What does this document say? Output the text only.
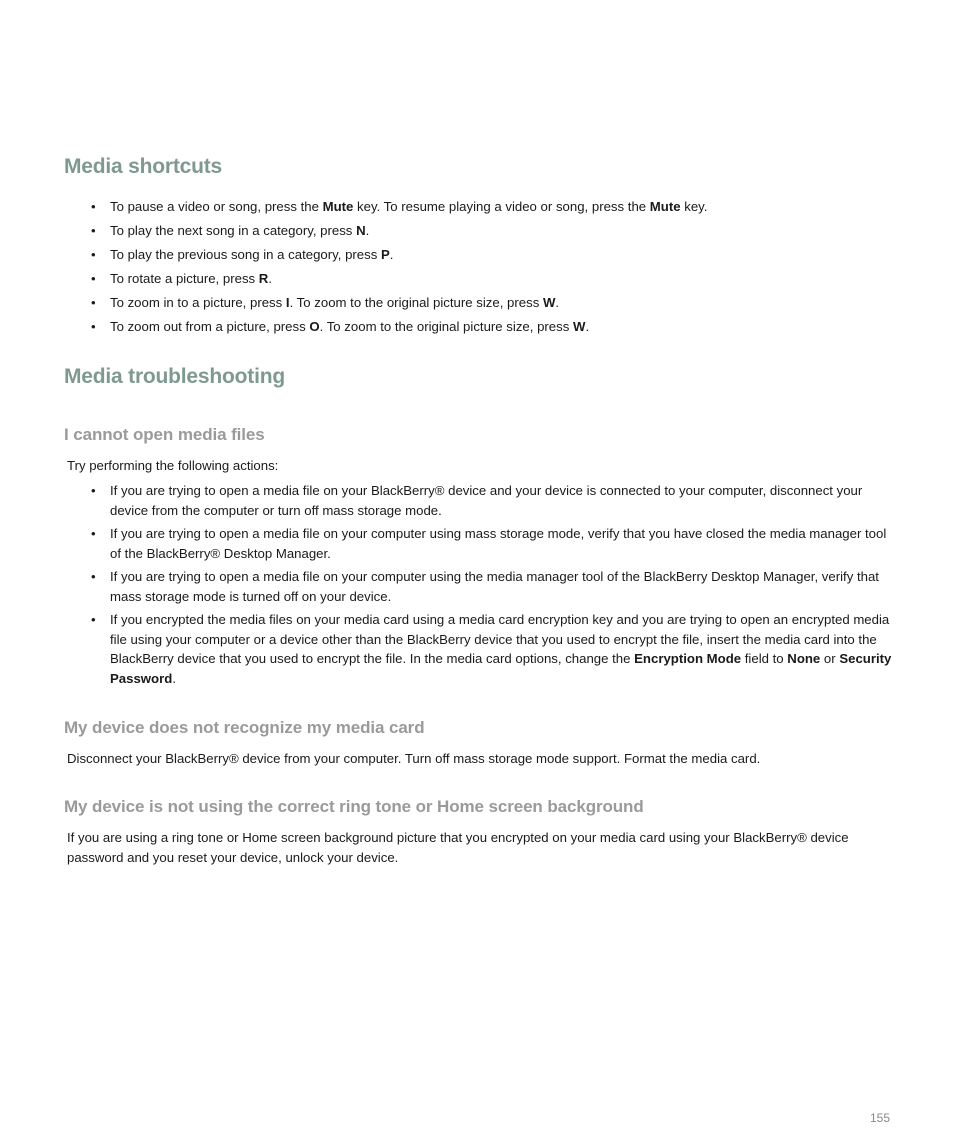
Media shortcuts
• To pause a video or song, press the Mute key. To resume playing a video or song, press the Mute key.
• To play the next song in a category, press N.
• To play the previous song in a category, press P.
• To rotate a picture, press R.
• To zoom in to a picture, press I. To zoom to the original picture size, press W.
• To zoom out from a picture, press O. To zoom to the original picture size, press W.
Media troubleshooting
I cannot open media files

Try performing the following actions:

• If you are trying to open a media file on your BlackBerry® device and your device is connected to your computer, disconnect your device from the computer or turn off mass storage mode.
• If you are trying to open a media file on your computer using mass storage mode, verify that you have closed the media manager tool of the BlackBerry® Desktop Manager.
• If you are trying to open a media file on your computer using the media manager tool of the BlackBerry Desktop Manager, verify that mass storage mode is turned off on your device.
• If you encrypted the media files on your media card using a media card encryption key and you are trying to open an encrypted media file using your computer or a device other than the BlackBerry device that you used to encrypt the file, insert the media card into the BlackBerry device that you used to encrypt the file. In the media card options, change the Encryption Mode field to None or Security Password.
My device does not recognize my media card

Disconnect your BlackBerry® device from your computer. Turn off mass storage mode support. Format the media card.

My device is not using the correct ring tone or Home screen background

If you are using a ring tone or Home screen background picture that you encrypted on your media card using your BlackBerry® device password and you reset your device, unlock your device.

155
